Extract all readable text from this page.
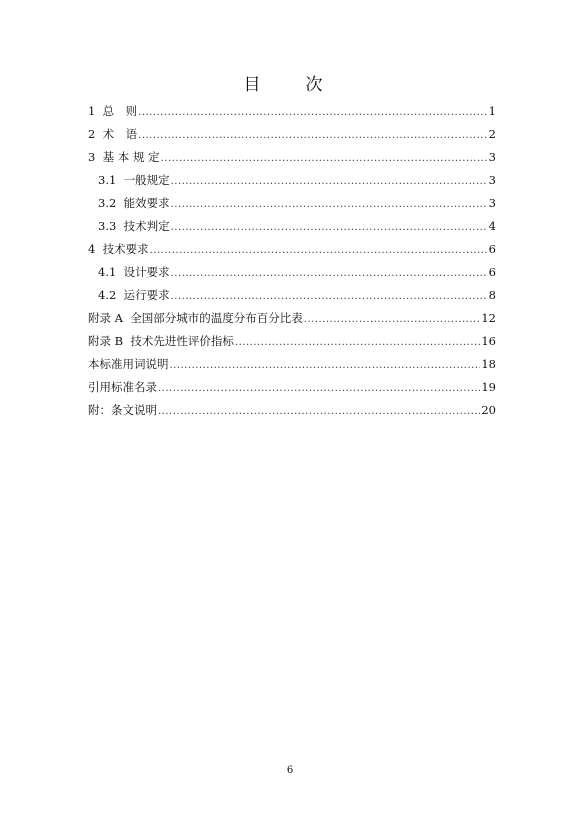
目　次
1 总　则 .....	1
2 术　语 .....	2
3 基 本 规 定 .....	3
3.1 一般规定 .....	3
3.2 能效要求 .....	3
3.3 技术判定 .....	4
4 技术要求 .....	6
4.1 设计要求 .....	6
4.2 运行要求 .....	8
附录 A 全国部分城市的温度分布百分比表 .....	12
附录 B 技术先进性评价指标 .....	16
本标准用词说明 .....	18
引用标准名录 .....	19
附：条文说明 .....	20
6
